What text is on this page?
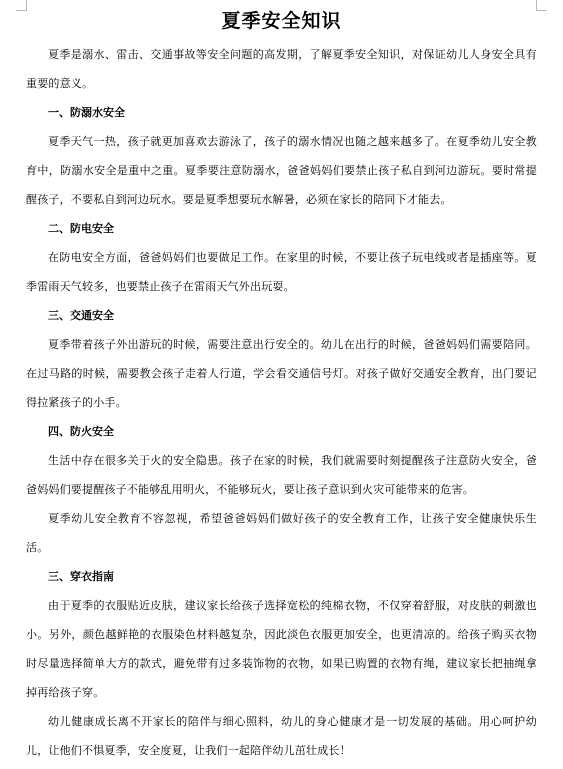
夏季安全知识

夏季是溺水、雷击、交通事故等安全问题的高发期，了解夏季安全知识，对保证幼儿人身安全具有重要的意义。

一、防溺水安全

夏季天气一热，孩子就更加喜欢去游泳了，孩子的溺水情况也随之越来越多了。在夏季幼儿安全教育中，防溺水安全是重中之重。夏季要注意防溺水，爸爸妈妈们要禁止孩子私自到河边游玩。要时常提醒孩子，不要私自到河边玩水。要是夏季想要玩水解暑，必须在家长的陪同下才能去。

二、防电安全

在防电安全方面，爸爸妈妈们也要做足工作。在家里的时候，不要让孩子玩电线或者是插座等。夏季雷雨天气较多，也要禁止孩子在雷雨天气外出玩耍。

三、交通安全

夏季带着孩子外出游玩的时候，需要注意出行安全的。幼儿在出行的时候，爸爸妈妈们需要陪同。在过马路的时候，需要教会孩子走着人行道，学会看交通信号灯。对孩子做好交通安全教育，出门要记得拉紧孩子的小手。

四、防火安全

生活中存在很多关于火的安全隐患。孩子在家的时候，我们就需要时刻提醒孩子注意防火安全，爸爸妈妈们要提醒孩子不能够乱用明火，不能够玩火，要让孩子意识到火灾可能带来的危害。

夏季幼儿安全教育不容忽视，希望爸爸妈妈们做好孩子的安全教育工作，让孩子安全健康快乐生活。

三、穿衣指南

由于夏季的衣服贴近皮肤，建议家长给孩子选择宽松的纯棉衣物，不仅穿着舒服，对皮肤的刺激也小。另外，颜色越鲜艳的衣服染色材料越复杂，因此淡色衣服更加安全，也更清凉的。给孩子购买衣物时尽量选择简单大方的款式，避免带有过多装饰物的衣物，如果已购置的衣物有绳，建议家长把抽绳拿掉再给孩子穿。

幼儿健康成长离不开家长的陪伴与细心照料，幼儿的身心健康才是一切发展的基础。用心呵护幼儿，让他们不惧夏季，安全度夏，让我们一起陪伴幼儿茁壮成长！
